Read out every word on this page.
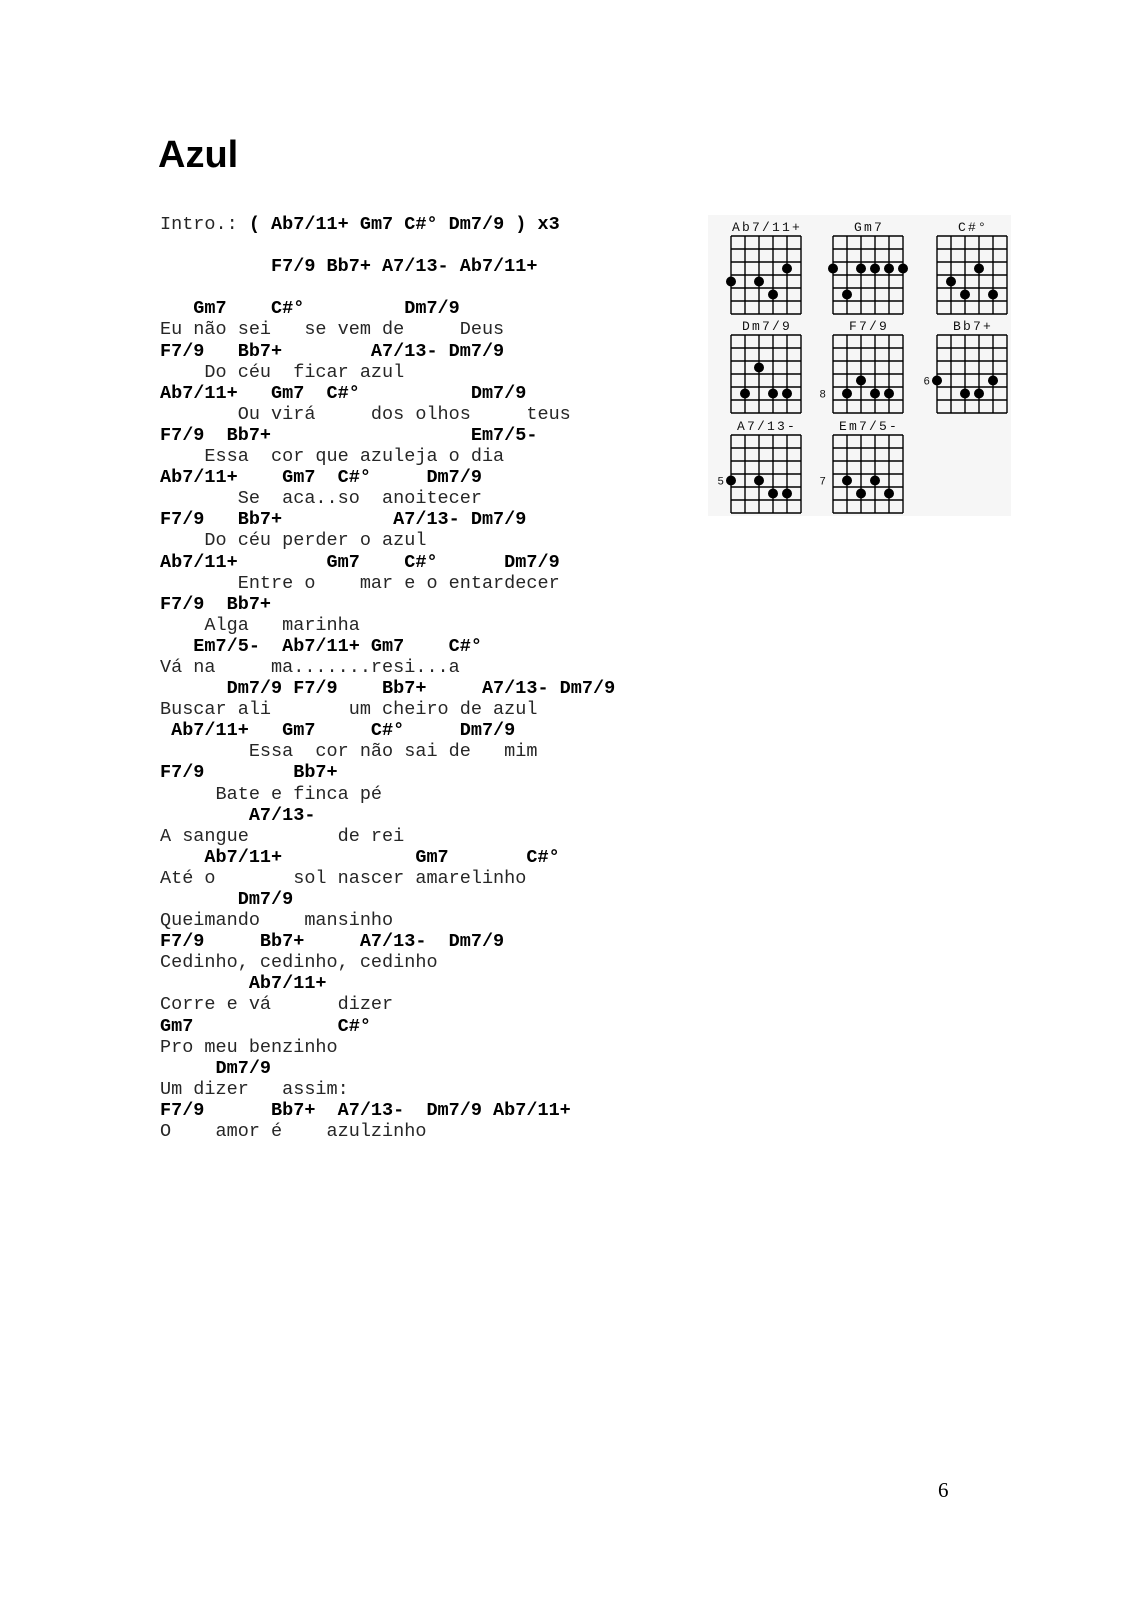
Azul
Intro.: ( Ab7/11+ Gm7 C#° Dm7/9 ) x3
F7/9 Bb7+ A7/13- Ab7/11+
Gm7    C#°         Dm7/9
Eu não sei   se vem de     Deus
F7/9   Bb7+        A7/13- Dm7/9
Do céu  ficar azul
Ab7/11+   Gm7  C#°          Dm7/9
Ou virá     dos olhos     teus
F7/9  Bb7+                  Em7/5-
Essa  cor que azuleja o dia
Ab7/11+    Gm7  C#°     Dm7/9
Se  aca..so  anoitecer
F7/9   Bb7+          A7/13- Dm7/9
Do céu perder o azul
Ab7/11+        Gm7    C#°      Dm7/9
Entre o    mar e o entardecer
F7/9  Bb7+
Alga   marinha
Em7/5-  Ab7/11+ Gm7    C#°
Vá na     ma.......resi...a
Dm7/9 F7/9    Bb7+     A7/13- Dm7/9
Buscar ali       um cheiro de azul
Ab7/11+   Gm7     C#°     Dm7/9
Essa  cor não sai de   mim
F7/9        Bb7+
Bate e finca pé
A7/13-
A sangue        de rei
Ab7/11+            Gm7       C#°
Até o       sol nascer amarelinho
Dm7/9
Queimando    mansinho
F7/9     Bb7+     A7/13-  Dm7/9
Cedinho, cedinho, cedinho
Ab7/11+
Corre e vá      dizer
Gm7             C#°
Pro meu benzinho
Dm7/9
Um dizer   assim:
F7/9      Bb7+  A7/13-  Dm7/9 Ab7/11+
O    amor é    azulzinho
Ab7/11+	Gm7	C#°
Dm7/9	F7/9
8
Bb7+
6
A7/13-
5
Em7/5-
7
6
